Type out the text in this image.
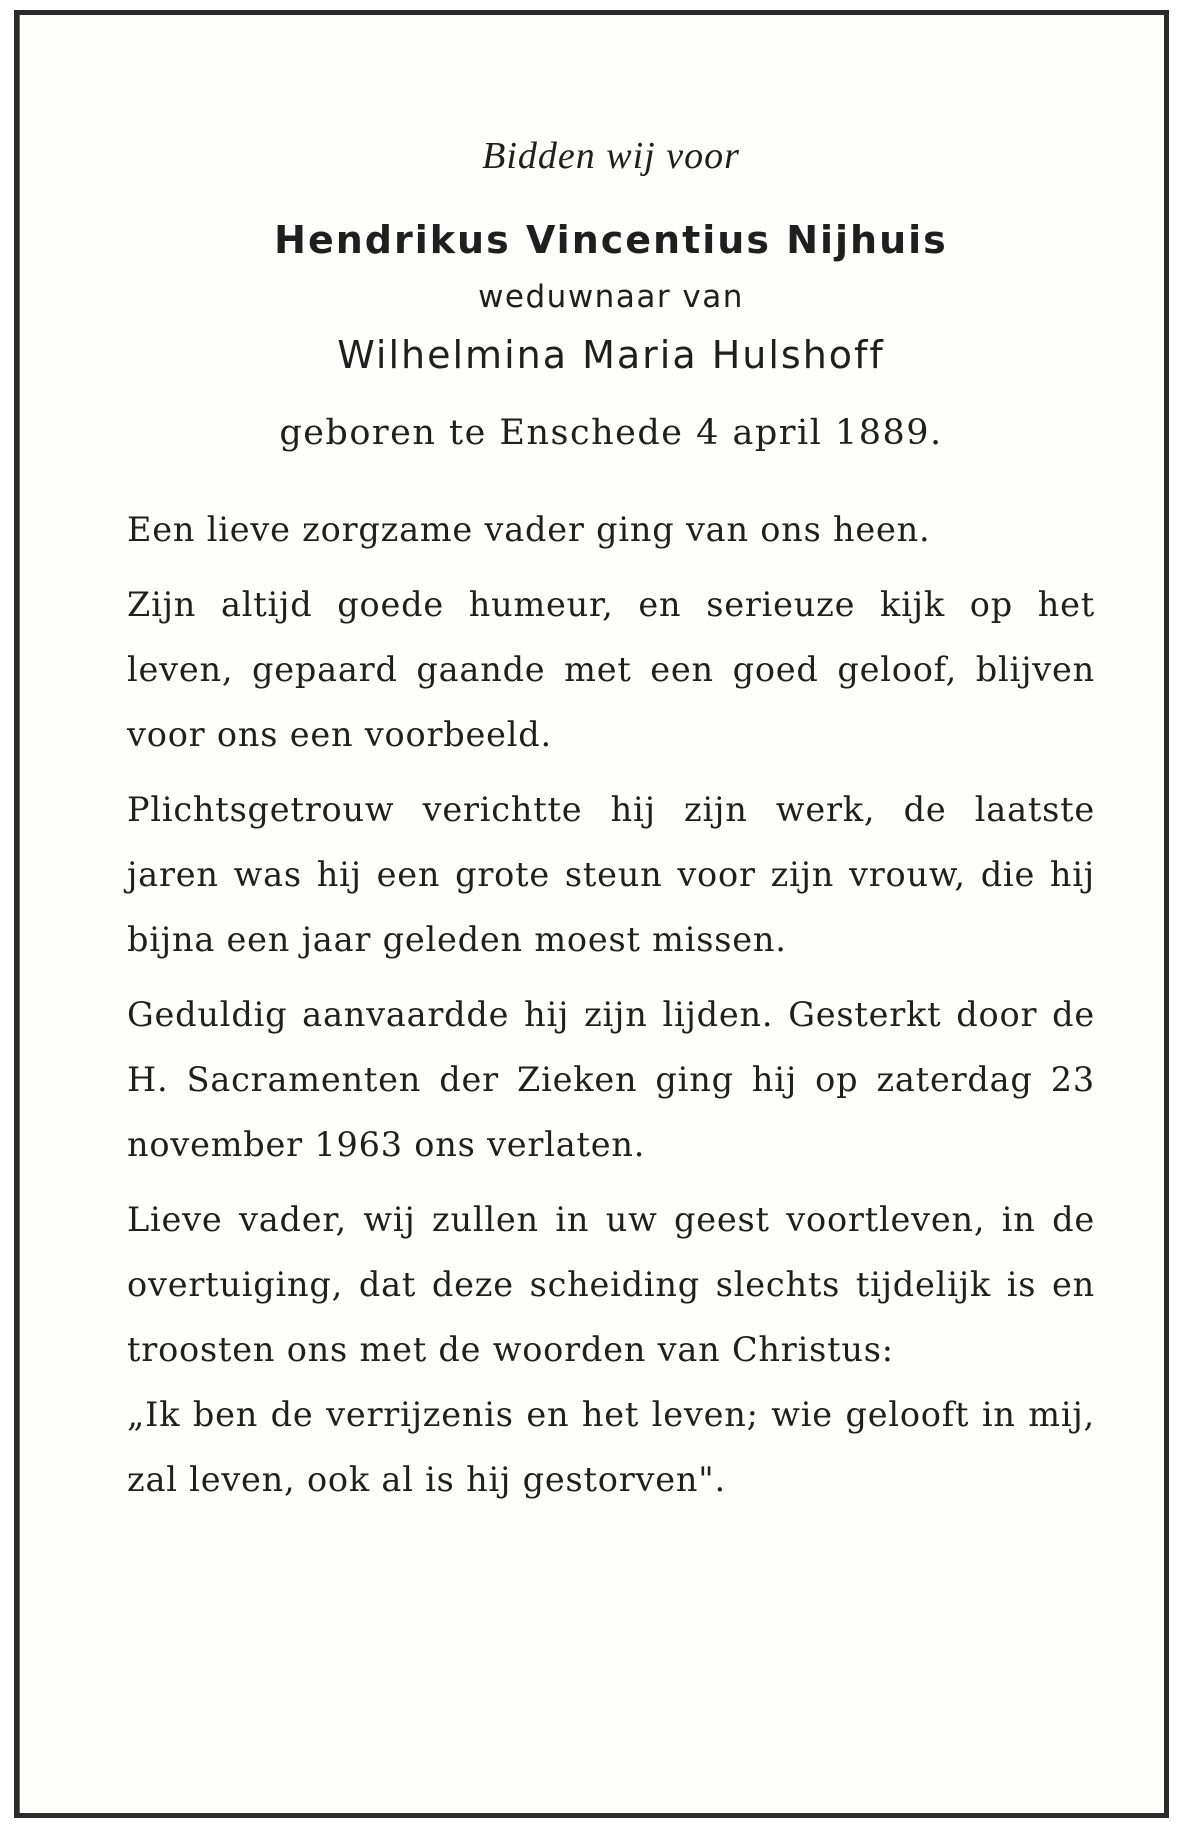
Bidden wij voor

Hendrikus Vincentius Nijhuis

weduwnaar van

Wilhelmina Maria Hulshoff

geboren te Enschede 4 april 1889.

Een lieve zorgzame vader ging van ons heen.

Zijn altijd goede humeur, en serieuze kijk op het leven, gepaard gaande met een goed geloof, blijven voor ons een voorbeeld.

Plichtsgetrouw verichtte hij zijn werk, de laatste jaren was hij een grote steun voor zijn vrouw, die hij bijna een jaar geleden moest missen.

Geduldig aanvaardde hij zijn lijden. Gesterkt door de H. Sacramenten der Zieken ging hij op zaterdag 23 november 1963 ons verlaten.

Lieve vader, wij zullen in uw geest voortleven, in de overtuiging, dat deze scheiding slechts tijdelijk is en troosten ons met de woorden van Christus:

„Ik ben de verrijzenis en het leven; wie gelooft in mij, zal leven, ook al is hij gestorven".
